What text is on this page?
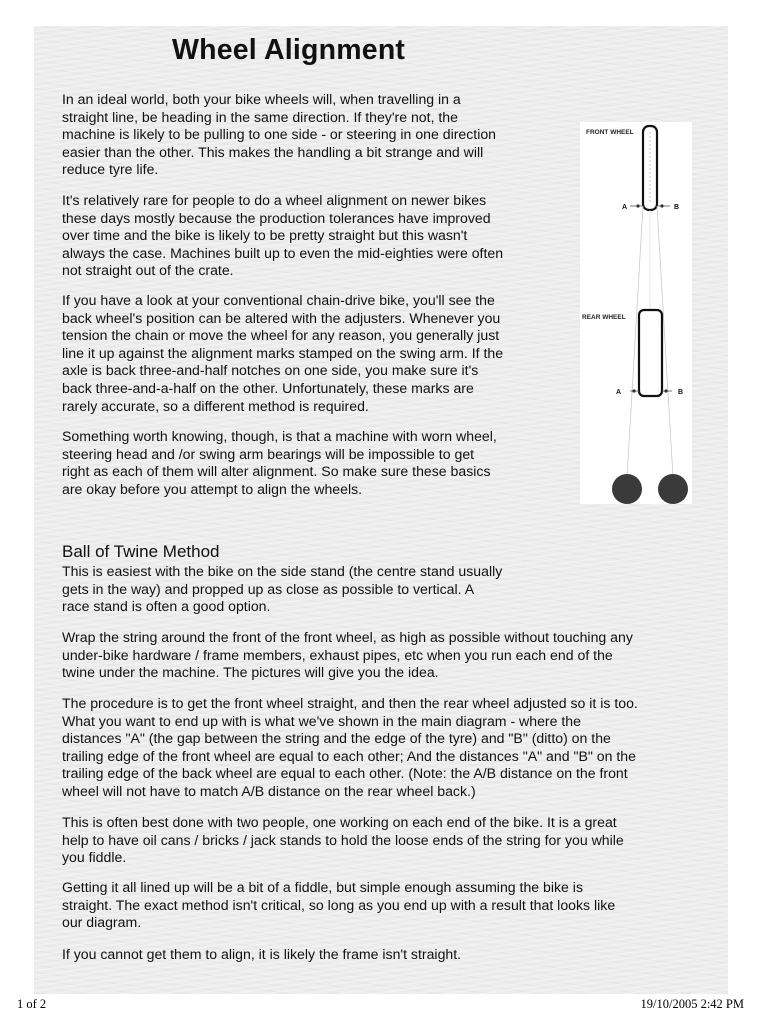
Wheel Alignment

In an ideal world, both your bike wheels will, when travelling in a
straight line, be heading in the same direction. If they're not, the
machine is likely to be pulling to one side - or steering in one direction
easier than the other. This makes the handling a bit strange and will
reduce tyre life.

It's relatively rare for people to do a wheel alignment on newer bikes
these days mostly because the production tolerances have improved
over time and the bike is likely to be pretty straight but this wasn't
always the case. Machines built up to even the mid-eighties were often
not straight out of the crate.

If you have a look at your conventional chain-drive bike, you'll see the
back wheel's position can be altered with the adjusters. Whenever you
tension the chain or move the wheel for any reason, you generally just
line it up against the alignment marks stamped on the swing arm. If the
axle is back three-and-half notches on one side, you make sure it's
back three-and-a-half on the other. Unfortunately, these marks are
rarely accurate, so a different method is required.

Something worth knowing, though, is that a machine with worn wheel,
steering head and /or swing arm bearings will be impossible to get
right as each of them will alter alignment. So make sure these basics
are okay before you attempt to align the wheels.

FRONT WHEEL
A	B
REAR WHEEL
A	B
Ball of Twine Method

This is easiest with the bike on the side stand (the centre stand usually
gets in the way) and propped up as close as possible to vertical. A
race stand is often a good option.

Wrap the string around the front of the front wheel, as high as possible without touching any
under-bike hardware / frame members, exhaust pipes, etc when you run each end of the
twine under the machine. The pictures will give you the idea.

The procedure is to get the front wheel straight, and then the rear wheel adjusted so it is too.
What you want to end up with is what we've shown in the main diagram - where the
distances "A" (the gap between the string and the edge of the tyre) and "B" (ditto) on the
trailing edge of the front wheel are equal to each other; And the distances "A" and "B" on the
trailing edge of the back wheel are equal to each other. (Note: the A/B distance on the front
wheel will not have to match A/B distance on the rear wheel back.)

This is often best done with two people, one working on each end of the bike. It is a great
help to have oil cans / bricks / jack stands to hold the loose ends of the string for you while
you fiddle.

Getting it all lined up will be a bit of a fiddle, but simple enough assuming the bike is
straight. The exact method isn't critical, so long as you end up with a result that looks like
our diagram.

If you cannot get them to align, it is likely the frame isn't straight.

1 of 2	19/10/2005 2:42 PM
